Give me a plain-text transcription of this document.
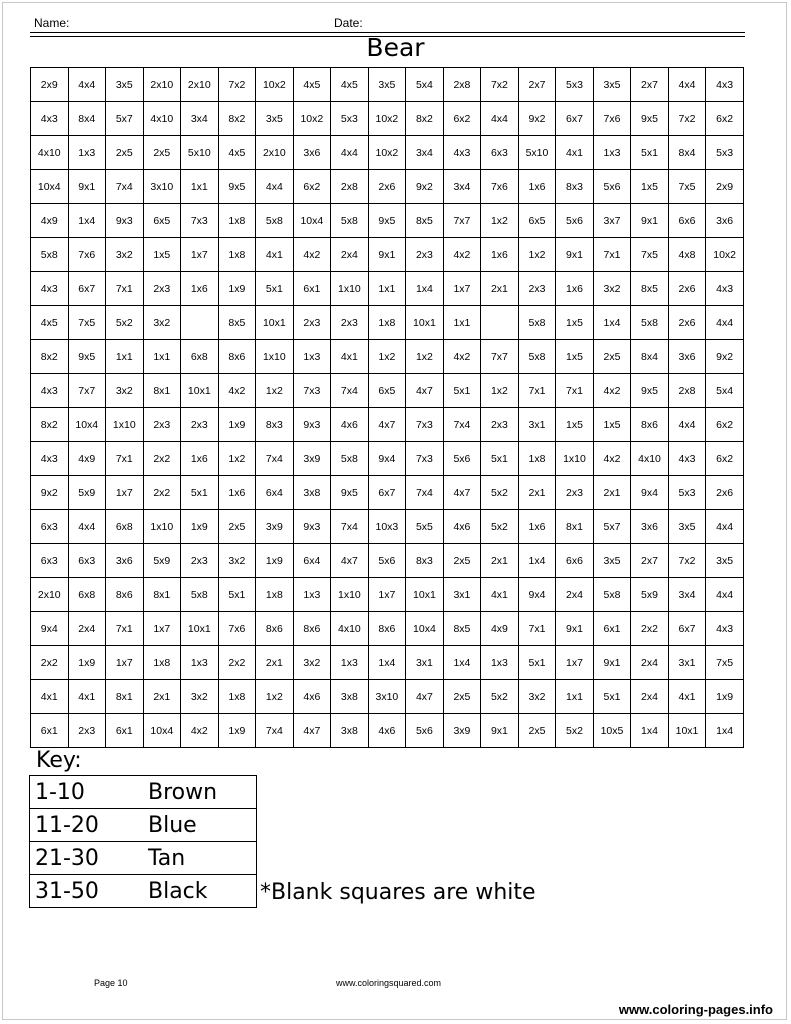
Name:	Date:
Bear
2x9	4x4	3x5	2x10	2x10	7x2	10x2	4x5	4x5	3x5	5x4	2x8	7x2	2x7	5x3	3x5	2x7	4x4	4x3
4x3	8x4	5x7	4x10	3x4	8x2	3x5	10x2	5x3	10x2	8x2	6x2	4x4	9x2	6x7	7x6	9x5	7x2	6x2
4x10	1x3	2x5	2x5	5x10	4x5	2x10	3x6	4x4	10x2	3x4	4x3	6x3	5x10	4x1	1x3	5x1	8x4	5x3
10x4	9x1	7x4	3x10	1x1	9x5	4x4	6x2	2x8	2x6	9x2	3x4	7x6	1x6	8x3	5x6	1x5	7x5	2x9
4x9	1x4	9x3	6x5	7x3	1x8	5x8	10x4	5x8	9x5	8x5	7x7	1x2	6x5	5x6	3x7	9x1	6x6	3x6
5x8	7x6	3x2	1x5	1x7	1x8	4x1	4x2	2x4	9x1	2x3	4x2	1x6	1x2	9x1	7x1	7x5	4x8	10x2
4x3	6x7	7x1	2x3	1x6	1x9	5x1	6x1	1x10	1x1	1x4	1x7	2x1	2x3	1x6	3x2	8x5	2x6	4x3
4x5	7x5	5x2	3x2		8x5	10x1	2x3	2x3	1x8	10x1	1x1		5x8	1x5	1x4	5x8	2x6	4x4
8x2	9x5	1x1	1x1	6x8	8x6	1x10	1x3	4x1	1x2	1x2	4x2	7x7	5x8	1x5	2x5	8x4	3x6	9x2
4x3	7x7	3x2	8x1	10x1	4x2	1x2	7x3	7x4	6x5	4x7	5x1	1x2	7x1	7x1	4x2	9x5	2x8	5x4
8x2	10x4	1x10	2x3	2x3	1x9	8x3	9x3	4x6	4x7	7x3	7x4	2x3	3x1	1x5	1x5	8x6	4x4	6x2
4x3	4x9	7x1	2x2	1x6	1x2	7x4	3x9	5x8	9x4	7x3	5x6	5x1	1x8	1x10	4x2	4x10	4x3	6x2
9x2	5x9	1x7	2x2	5x1	1x6	6x4	3x8	9x5	6x7	7x4	4x7	5x2	2x1	2x3	2x1	9x4	5x3	2x6
6x3	4x4	6x8	1x10	1x9	2x5	3x9	9x3	7x4	10x3	5x5	4x6	5x2	1x6	8x1	5x7	3x6	3x5	4x4
6x3	6x3	3x6	5x9	2x3	3x2	1x9	6x4	4x7	5x6	8x3	2x5	2x1	1x4	6x6	3x5	2x7	7x2	3x5
2x10	6x8	8x6	8x1	5x8	5x1	1x8	1x3	1x10	1x7	10x1	3x1	4x1	9x4	2x4	5x8	5x9	3x4	4x4
9x4	2x4	7x1	1x7	10x1	7x6	8x6	8x6	4x10	8x6	10x4	8x5	4x9	7x1	9x1	6x1	2x2	6x7	4x3
2x2	1x9	1x7	1x8	1x3	2x2	2x1	3x2	1x3	1x4	3x1	1x4	1x3	5x1	1x7	9x1	2x4	3x1	7x5
4x1	4x1	8x1	2x1	3x2	1x8	1x2	4x6	3x8	3x10	4x7	2x5	5x2	3x2	1x1	5x1	2x4	4x1	1x9
6x1	2x3	6x1	10x4	4x2	1x9	7x4	4x7	3x8	4x6	5x6	3x9	9x1	2x5	5x2	10x5	1x4	10x1	1x4
Key:
1-10	Brown
11-20 Blue
21-30 Tan
31-50 Black *Blank squares are white
Page 10	www.coloringsquared.com
www.coloring-pages.info
